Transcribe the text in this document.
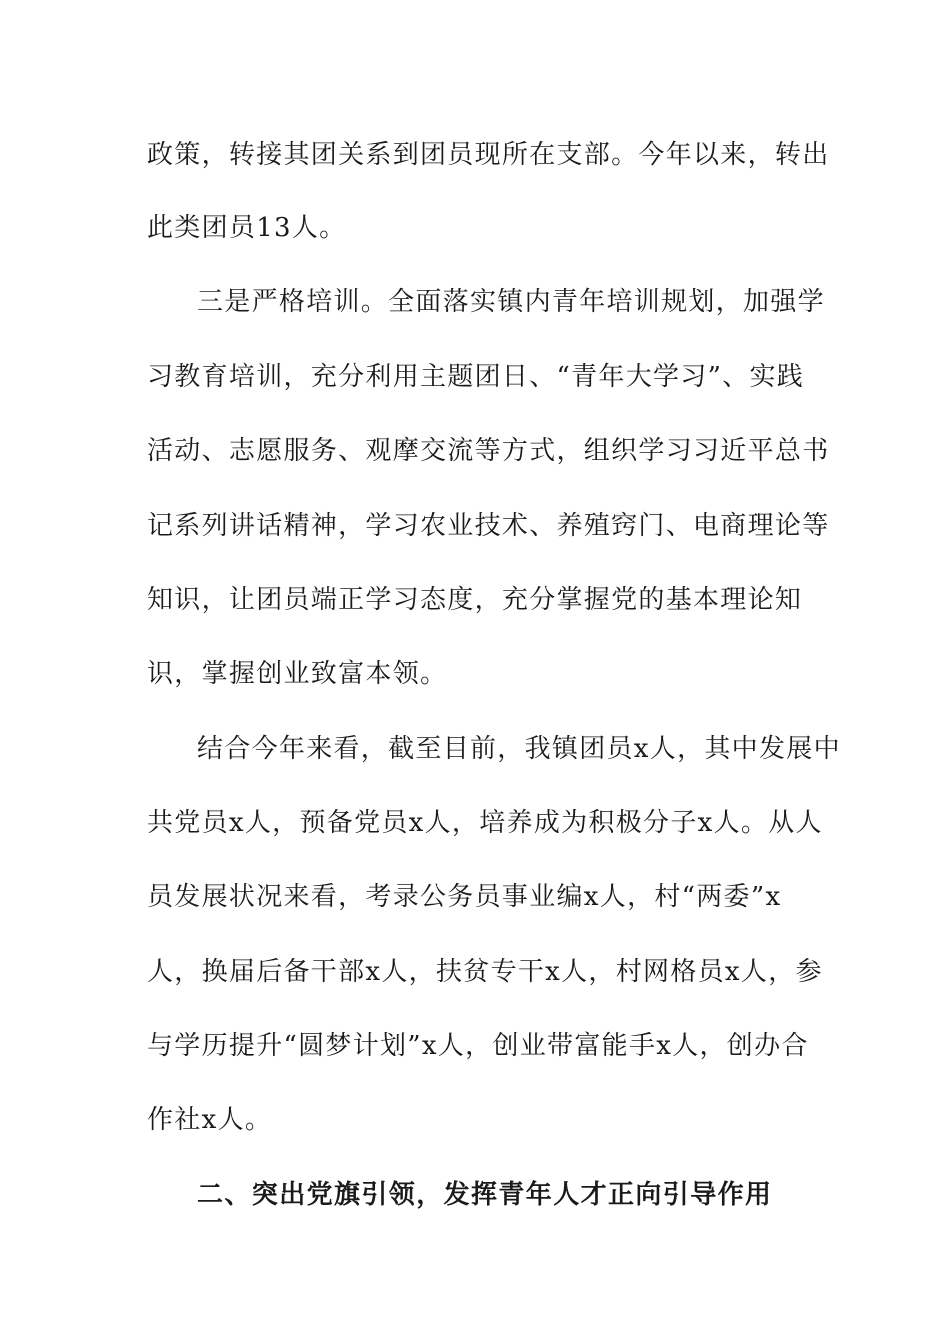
政策，转接其团关系到团员现所在支部。今年以来，转出
此类团员13人。
三是严格培训。全面落实镇内青年培训规划，加强学
习教育培训，充分利用主题团日、“青年大学习”、实践
活动、志愿服务、观摩交流等方式，组织学习习近平总书
记系列讲话精神，学习农业技术、养殖窍门、电商理论等
知识，让团员端正学习态度，充分掌握党的基本理论知
识，掌握创业致富本领。
结合今年来看，截至目前，我镇团员x人，其中发展中
共党员x人，预备党员x人，培养成为积极分子x人。从人
员发展状况来看，考录公务员事业编x人，村“两委”x
人，换届后备干部x人，扶贫专干x人，村网格员x人，参
与学历提升“圆梦计划”x人，创业带富能手x人，创办合
作社x人。
二、突出党旗引领，发挥青年人才正向引导作用
